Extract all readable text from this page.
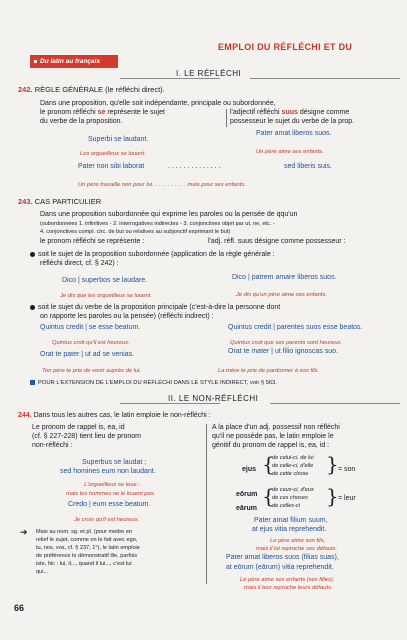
EMPLOI DU RÉFLÉCHI ET DU
Du latin au français
I. LE RÉFLÉCHI
242. RÈGLE GÉNÉRALE (le réfléchi direct).
Dans une proposition, qu'elle soit indépendante, principale ou subordonnée,
le pronom réfléchi se représente le sujet
du verbe de la proposition.
l'adjectif réfléchi suus désigne comme
possesseur le sujet du verbe de la prop.
Superbi se laudant.
Les orgueilleux se louent.
Pater amat liberos suos.
Un père aime ses enfants.
Pater non sibi laborat	. . . . . . . . . . . . . .	sed liberis suis.
Un père travaille non pour lui. . . . . . . . . . . mais pour ses enfants.
243. CAS PARTICULIER
Dans une proposition subordonnée qui exprime les paroles ou la pensée de qqu'un
(subordonnées 1. infinitives - 2. interrogatives indirectes - 3. conjonctives objet par ut, ne, etc. -
4. conjonctives compl. circ. de but ou relatives au subjonctif exprimant le but)
le pronom réfléchi se représente :	l'adj. réfl. suus désigne comme possesseur :
soit le sujet de la proposition subordonnée (application de la règle générale :
réfléchi direct, cf. § 242) :
Dico | superbos se laudare.
Je dis que les orgueilleux se louent.
Dico | patrem amare liberos suos.
Je dis qu'un père aime ses enfants.
soit le sujet du verbe de la proposition principale (c'est-à-dire la personne dont
on rapporte les paroles ou la pensée) (réfléchi indirect) :
Quintus credit | se esse beatum.
Quintus croit qu'il est heureux.
Quintus credit | parentes suos esse beatos.
Quintus croit que ses parents sont heureux.
Orat te pater | ut ad se venias.
Ton père te prie de venir auprès de lui.
Orat te mater | ut filio ignoscas suo.
La mère te prie de pardonner à son fils.
POUR L'EXTENSION DE L'EMPLOI DU RÉFLÉCHI DANS LE STYLE INDIRECT, voir § 563.
II. LE NON-RÉFLÉCHI
244. Dans tous les autres cas, le latin emploie le non-réfléchi :
Le pronom de rappel is, ea, id
(cf. § 227-228) tient lieu de pronom
non-réfléchi :
Superbus se laudat ;
sed homines eum non laudant.
L'orgueilleux se loue ;
mais les hommes ne le louent pas.
Credo | eum esse beatum.
Je crois qu'il est heureux.
➔ Mais au nom. sg. et pl. (pour mettre en
relief le sujet, comme on le fait avec ego,
tu, nos, vos, cf. § 237, 1°), le latin emploie
de préférence le démonstratif ille, parfois
iste, hic : lui, il..., quand il lui..., c'est lui
qui...
A la place d'un adj. possessif non réfléchi
qu'il ne possède pas, le latin emploie le
génitif du pronom de rappel is, ea, id :
ejus {
de celui-ci, de lui
de celle-ci, d'elle
de cette chose } = son
eōrum
eārum
{
de ceux-ci, d'eux
de ces choses
de celles-ci } = leur
Pater amat filium suum,
at ejus vitia reprehendit.
Le père aime son fils,
mais il lui reproche ses défauts.
Pater amat liberos suos (filias suas),
at eōrum (eārum) vitia reprehendit.
Le père aime ses enfants (ses filles),
mais il leur reproche leurs défauts.
66
